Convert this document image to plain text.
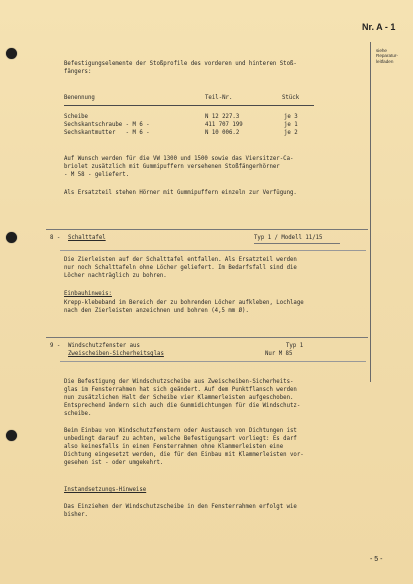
Nr. A - 1
siehe
Reparatur-
leitfaden
Befestigungselemente der Stoßprofile des vorderen und hinteren Stoß-
fängers:
Benennung	Teil-Nr.	Stück
Scheibe	N 12 227.3	je 3
Sechskantschraube - M 6 -	411 707 199	je 1
Sechskantmutter   - M 6 -	N 10 006.2	je 2
Auf Wunsch werden für die VW 1300 und 1500 sowie das Viersitzer-Ca-
briolet zusätzlich mit Gummipuffern versehenen Stoßfängerhörner
- M 58 - geliefert.
Als Ersatzteil stehen Hörner mit Gummipuffern einzeln zur Verfügung.
8 - Schalttafel	Typ 1 / Modell 11/15
Die Zierleisten auf der Schalttafel entfallen. Als Ersatzteil werden
nur noch Schalttafeln ohne Löcher geliefert. Im Bedarfsfall sind die
Löcher nachträglich zu bohren.
Einbauhinweis:
Krepp-klebeband im Bereich der zu bohrenden Löcher aufkleben, Lochlage
nach den Zierleisten anzeichnen und bohren (4,5 mm Ø).
9 - Windschutzfenster aus
Zweischeiben-Sicherheitsglas
Typ 1
Nur M 85
Die Befestigung der Windschutzscheibe aus Zweischeiben-Sicherheits-
glas im Fensterrahmen hat sich geändert. Auf dem Punktflansch werden
nun zusätzlichen Halt der Scheibe vier Klammerleisten aufgeschoben.
Entsprechend ändern sich auch die Gummidichtungen für die Windschutz-
scheibe.
Beim Einbau von Windschutzfenstern oder Austausch von Dichtungen ist
unbedingt darauf zu achten, welche Befestigungsart vorliegt: Es darf
also keinesfalls in einen Fensterrahmen ohne Klammerleisten eine
Dichtung eingesetzt werden, die für den Einbau mit Klammerleisten vor-
gesehen ist - oder umgekehrt.
Instandsetzungs-Hinweise
Das Einziehen der Windschutzscheibe in den Fensterrahmen erfolgt wie
bisher.
- 5 -
